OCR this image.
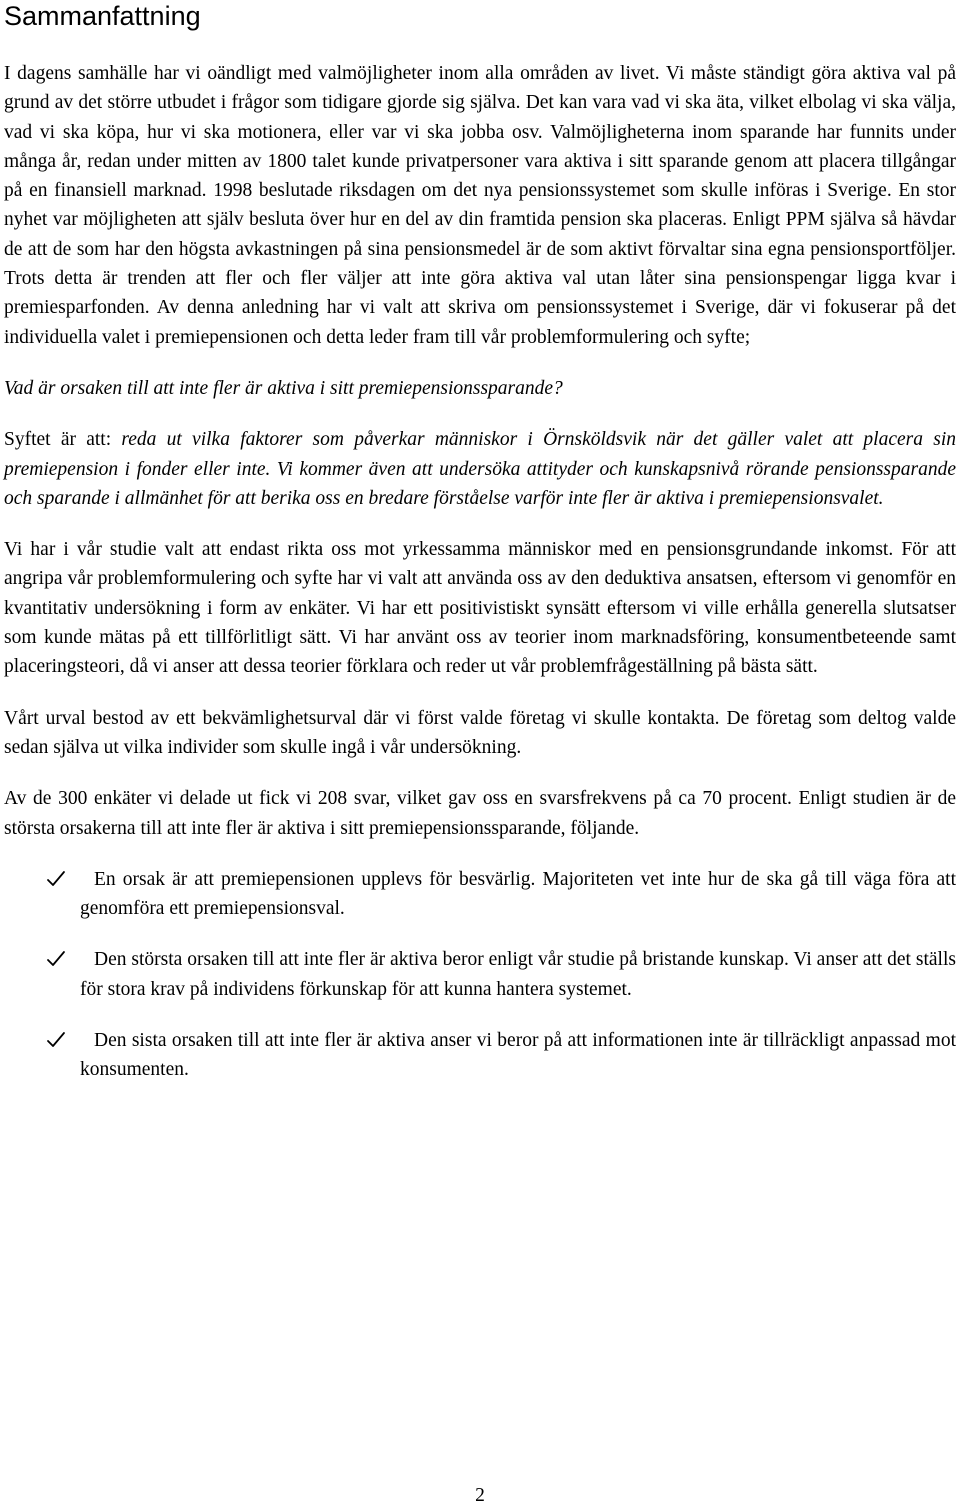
Sammanfattning

I dagens samhälle har vi oändligt med valmöjligheter inom alla områden av livet. Vi måste ständigt göra aktiva val på grund av det större utbudet i frågor som tidigare gjorde sig själva. Det kan vara vad vi ska äta, vilket elbolag vi ska välja, vad vi ska köpa, hur vi ska motionera, eller var vi ska jobba osv. Valmöjligheterna inom sparande har funnits under många år, redan under mitten av 1800 talet kunde privatpersoner vara aktiva i sitt sparande genom att placera tillgångar på en finansiell marknad. 1998 beslutade riksdagen om det nya pensionssystemet som skulle införas i Sverige. En stor nyhet var möjligheten att själv besluta över hur en del av din framtida pension ska placeras. Enligt PPM själva så hävdar de att de som har den högsta avkastningen på sina pensionsmedel är de som aktivt förvaltar sina egna pensionsportföljer. Trots detta är trenden att fler och fler väljer att inte göra aktiva val utan låter sina pensionspengar ligga kvar i premiesparfonden. Av denna anledning har vi valt att skriva om pensionssystemet i Sverige, där vi fokuserar på det individuella valet i premiepensionen och detta leder fram till vår problemformulering och syfte;

Vad är orsaken till att inte fler är aktiva i sitt premiepensionssparande?

Syftet är att: reda ut vilka faktorer som påverkar människor i Örnsköldsvik när det gäller valet att placera sin premiepension i fonder eller inte. Vi kommer även att undersöka attityder och kunskapsnivå rörande pensionssparande och sparande i allmänhet för att berika oss en bredare förståelse varför inte fler är aktiva i premiepensionsvalet.

Vi har i vår studie valt att endast rikta oss mot yrkessamma människor med en pensionsgrundande inkomst. För att angripa vår problemformulering och syfte har vi valt att använda oss av den deduktiva ansatsen, eftersom vi genomför en kvantitativ undersökning i form av enkäter. Vi har ett positivistiskt synsätt eftersom vi ville erhålla generella slutsatser som kunde mätas på ett tillförlitligt sätt. Vi har använt oss av teorier inom marknadsföring, konsumentbeteende samt placeringsteori, då vi anser att dessa teorier förklara och reder ut vår problemfrågeställning på bästa sätt.

Vårt urval bestod av ett bekvämlighetsurval där vi först valde företag vi skulle kontakta. De företag som deltog valde sedan själva ut vilka individer som skulle ingå i vår undersökning.

Av de 300 enkäter vi delade ut fick vi 208 svar, vilket gav oss en svarsfrekvens på ca 70 procent. Enligt studien är de största orsakerna till att inte fler är aktiva i sitt premiepensionssparande, följande.

En orsak är att premiepensionen upplevs för besvärlig. Majoriteten vet inte hur de ska gå till väga föra att genomföra ett premiepensionsval.
Den största orsaken till att inte fler är aktiva beror enligt vår studie på bristande kunskap. Vi anser att det ställs för stora krav på individens förkunskap för att kunna hantera systemet.
Den sista orsaken till att inte fler är aktiva anser vi beror på att informationen inte är tillräckligt anpassad mot konsumenten.
2
